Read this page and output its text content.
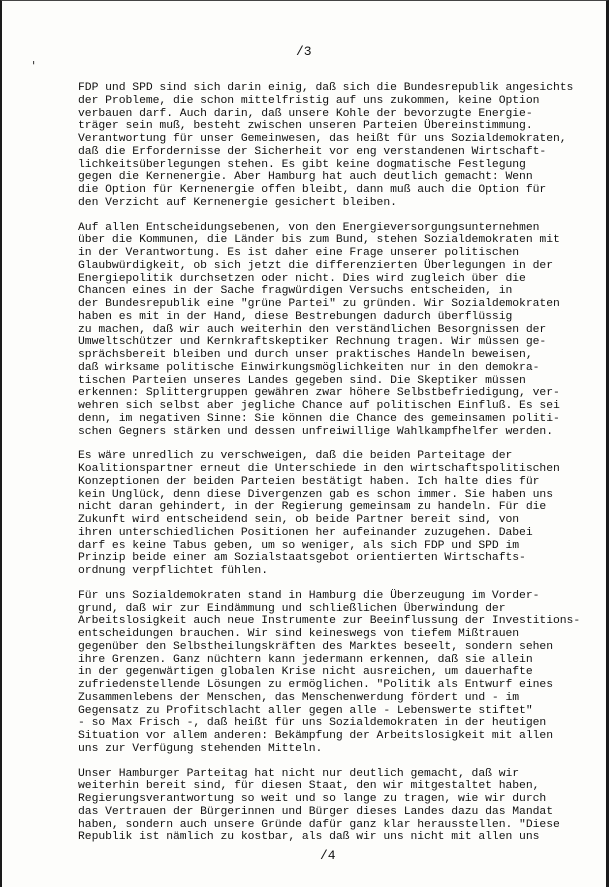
/3
'
FDP und SPD sind sich darin einig, daß sich die Bundesrepublik angesichts
der Probleme, die schon mittelfristig auf uns zukommen, keine Option
verbauen darf. Auch darin, daß unsere Kohle der bevorzugte Energie-
träger sein muß, besteht zwischen unseren Parteien Übereinstimmung.
Verantwortung für unser Gemeinwesen, das heißt für uns Sozialdemokraten,
daß die Erfordernisse der Sicherheit vor eng verstandenen Wirtschaft-
lichkeitsüberlegungen stehen. Es gibt keine dogmatische Festlegung
gegen die Kernenergie. Aber Hamburg hat auch deutlich gemacht: Wenn
die Option für Kernenergie offen bleibt, dann muß auch die Option für
den Verzicht auf Kernenergie gesichert bleiben.
Auf allen Entscheidungsebenen, von den Energieversorgungsunternehmen
über die Kommunen, die Länder bis zum Bund, stehen Sozialdemokraten mit
in der Verantwortung. Es ist daher eine Frage unserer politischen
Glaubwürdigkeit, ob sich jetzt die differenzierten Überlegungen in der
Energiepolitik durchsetzen oder nicht. Dies wird zugleich über die
Chancen eines in der Sache fragwürdigen Versuchs entscheiden, in
der Bundesrepublik eine "grüne Partei" zu gründen. Wir Sozialdemokraten
haben es mit in der Hand, diese Bestrebungen dadurch überflüssig
zu machen, daß wir auch weiterhin den verständlichen Besorgnissen der
Umweltschützer und Kernkraftskeptiker Rechnung tragen. Wir müssen ge-
sprächsbereit bleiben und durch unser praktisches Handeln beweisen,
daß wirksame politische Einwirkungsmöglichkeiten nur in den demokra-
tischen Parteien unseres Landes gegeben sind. Die Skeptiker müssen
erkennen: Splittergruppen gewähren zwar höhere Selbstbefriedigung, ver-
wehren sich selbst aber jegliche Chance auf politischen Einfluß. Es sei
denn, im negativen Sinne: Sie können die Chance des gemeinsamen politi-
schen Gegners stärken und dessen unfreiwillige Wahlkampfhelfer werden.
Es wäre unredlich zu verschweigen, daß die beiden Parteitage der
Koalitionspartner erneut die Unterschiede in den wirtschaftspolitischen
Konzeptionen der beiden Parteien bestätigt haben. Ich halte dies für
kein Unglück, denn diese Divergenzen gab es schon immer. Sie haben uns
nicht daran gehindert, in der Regierung gemeinsam zu handeln. Für die
Zukunft wird entscheidend sein, ob beide Partner bereit sind, von
ihren unterschiedlichen Positionen her aufeinander zuzugehen. Dabei
darf es keine Tabus geben, um so weniger, als sich FDP und SPD im
Prinzip beide einer am Sozialstaatsgebot orientierten Wirtschafts-
ordnung verpflichtet fühlen.
Für uns Sozialdemokraten stand in Hamburg die Überzeugung im Vorder-
grund, daß wir zur Eindämmung und schließlichen Überwindung der
Arbeitslosigkeit auch neue Instrumente zur Beeinflussung der Investitions-
entscheidungen brauchen. Wir sind keineswegs von tiefem Mißtrauen
gegenüber den Selbstheilungskräften des Marktes beseelt, sondern sehen
ihre Grenzen. Ganz nüchtern kann jedermann erkennen, daß sie allein
in der gegenwärtigen globalen Krise nicht ausreichen, um dauerhafte
zufriedenstellende Lösungen zu ermöglichen. "Politik als Entwurf eines
Zusammenlebens der Menschen, das Menschenwerdung fördert und - im
Gegensatz zu Profitschlacht aller gegen alle - Lebenswerte stiftet"
- so Max Frisch -, daß heißt für uns Sozialdemokraten in der heutigen
Situation vor allem anderen: Bekämpfung der Arbeitslosigkeit mit allen
uns zur Verfügung stehenden Mitteln.
Unser Hamburger Parteitag hat nicht nur deutlich gemacht, daß wir
weiterhin bereit sind, für diesen Staat, den wir mitgestaltet haben,
Regierungsverantwortung so weit und so lange zu tragen, wie wir durch
das Vertrauen der Bürgerinnen und Bürger dieses Landes dazu das Mandat
haben, sondern auch unsere Gründe dafür ganz klar herausstellen. "Diese
Republik ist nämlich zu kostbar, als daß wir uns nicht mit allen uns
/4
